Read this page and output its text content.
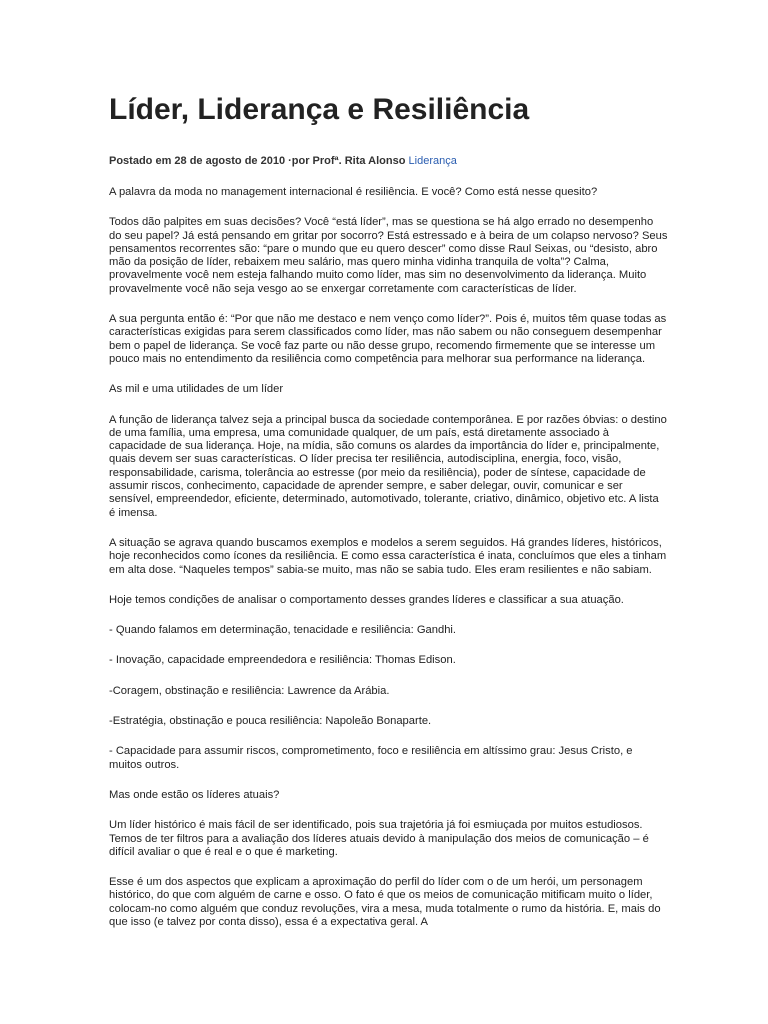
Líder, Liderança e Resiliência
Postado em 28 de agosto de 2010 ·por Profª. Rita Alonso Liderança

A palavra da moda no management internacional é resiliência. E você? Como está nesse quesito?

Todos dão palpites em suas decisões? Você “está líder”, mas se questiona se há algo errado no desempenho do seu papel? Já está pensando em gritar por socorro? Está estressado e à beira de um colapso nervoso? Seus pensamentos recorrentes são: “pare o mundo que eu quero descer” como disse Raul Seixas, ou “desisto, abro mão da posição de líder, rebaixem meu salário, mas quero minha vidinha tranquila de volta”? Calma, provavelmente você nem esteja falhando muito como líder, mas sim no desenvolvimento da liderança. Muito provavelmente você não seja vesgo ao se enxergar corretamente com características de líder.

A sua pergunta então é: “Por que não me destaco e nem venço como líder?”. Pois é, muitos têm quase todas as características exigidas para serem classificados como líder, mas não sabem ou não conseguem desempenhar bem o papel de liderança. Se você faz parte ou não desse grupo, recomendo firmemente que se interesse um pouco mais no entendimento da resiliência como competência para melhorar sua performance na liderança.

As mil e uma utilidades de um líder

A função de liderança talvez seja a principal busca da sociedade contemporânea. E por razões óbvias: o destino de uma família, uma empresa, uma comunidade qualquer, de um país, está diretamente associado à capacidade de sua liderança. Hoje, na mídia, são comuns os alardes da importância do líder e, principalmente, quais devem ser suas características. O líder precisa ter resiliência, autodisciplina, energia, foco, visão, responsabilidade, carisma, tolerância ao estresse (por meio da resiliência), poder de síntese, capacidade de assumir riscos, conhecimento, capacidade de aprender sempre, e saber delegar, ouvir, comunicar e ser sensível, empreendedor, eficiente, determinado, automotivado, tolerante, criativo, dinâmico, objetivo etc. A lista é imensa.

A situação se agrava quando buscamos exemplos e modelos a serem seguidos. Há grandes líderes, históricos, hoje reconhecidos como ícones da resiliência. E como essa característica é inata, concluímos que eles a tinham em alta dose. “Naqueles tempos” sabia-se muito, mas não se sabia tudo. Eles eram resilientes e não sabiam.

Hoje temos condições de analisar o comportamento desses grandes líderes e classificar a sua atuação.

- Quando falamos em determinação, tenacidade e resiliência: Gandhi.

- Inovação, capacidade empreendedora e resiliência: Thomas Edison.

-Coragem, obstinação e resiliência: Lawrence da Arábia.

-Estratégia, obstinação e pouca resiliência: Napoleão Bonaparte.

- Capacidade para assumir riscos, comprometimento, foco e resiliência em altíssimo grau: Jesus Cristo, e muitos outros.

Mas onde estão os líderes atuais?

Um líder histórico é mais fácil de ser identificado, pois sua trajetória já foi esmiuçada por muitos estudiosos. Temos de ter filtros para a avaliação dos líderes atuais devido à manipulação dos meios de comunicação – é difícil avaliar o que é real e o que é marketing.

Esse é um dos aspectos que explicam a aproximação do perfil do líder com o de um herói, um personagem histórico, do que com alguém de carne e osso. O fato é que os meios de comunicação mitificam muito o líder, colocam-no como alguém que conduz revoluções, vira a mesa, muda totalmente o rumo da história. E, mais do que isso (e talvez por conta disso), essa é a expectativa geral. A
